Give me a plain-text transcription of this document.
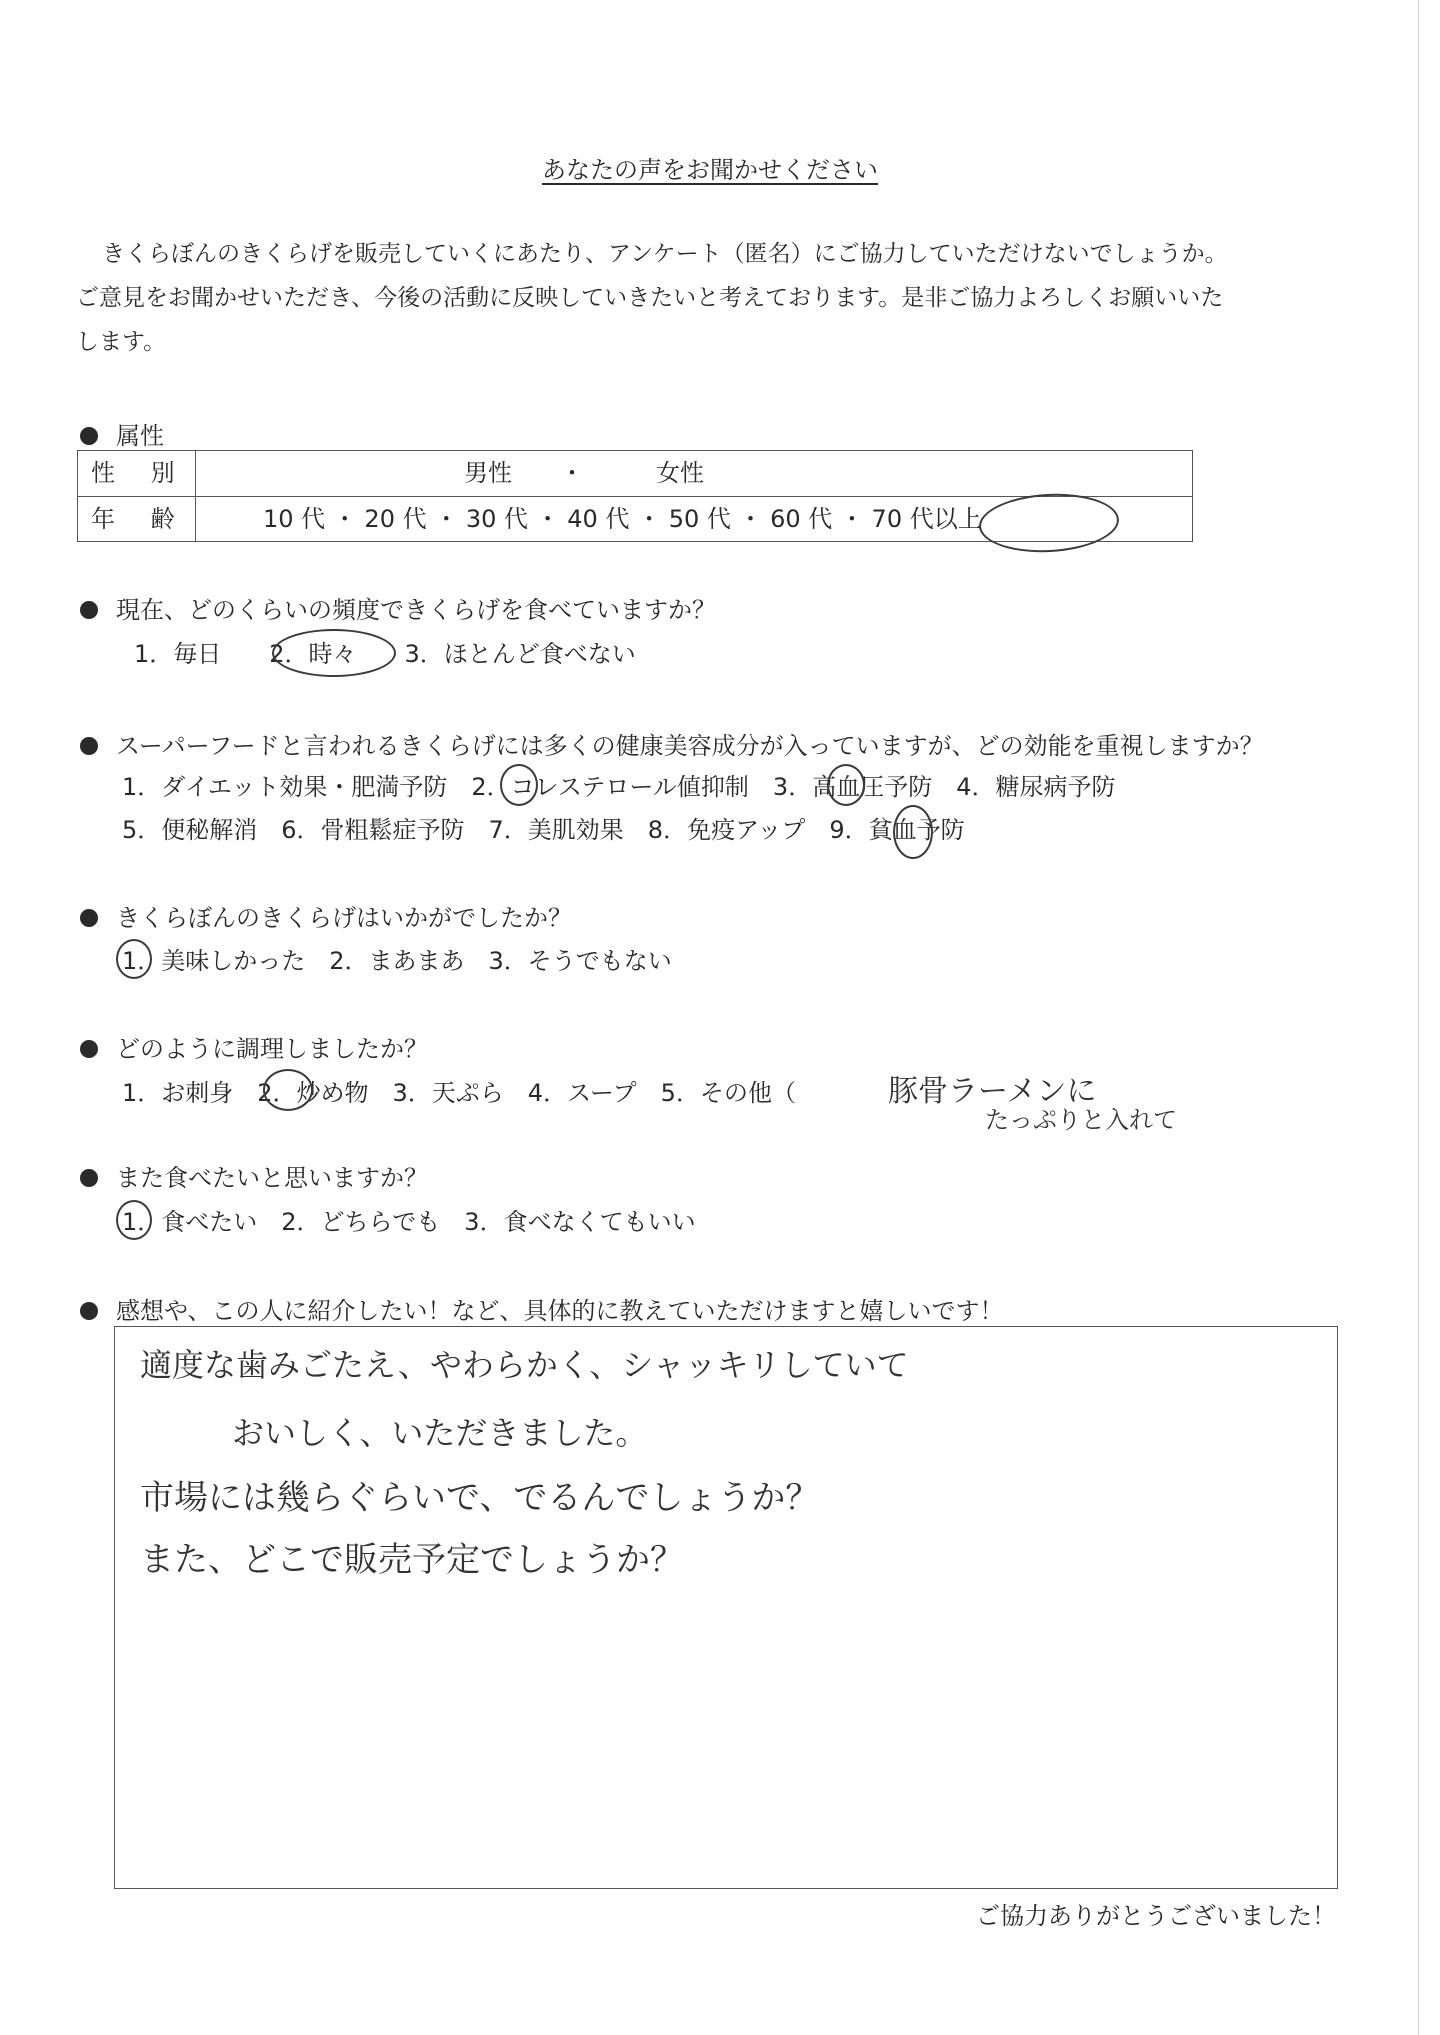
あなたの声をお聞かせください
きくらぼんのきくらげを販売していくにあたり、アンケート（匿名）にご協力していただけないでしょうか。
ご意見をお聞かせいただき、今後の活動に反映していきたいと考えております。是非ご協力よろしくお願いいた
します。
属性
性 別	男性　　・　　　女性
年 齢	10 代 ・ 20 代 ・ 30 代 ・ 40 代 ・ 50 代 ・ 60 代 ・ 70 代以上
現在、どのくらいの頻度できくらげを食べていますか？
1．毎日　　2．時々　　3．ほとんど食べない
スーパーフードと言われるきくらげには多くの健康美容成分が入っていますが、どの効能を重視しますか？
1．ダイエット効果・肥満予防　2．コレステロール値抑制　3．高血圧予防　4．糖尿病予防
5．便秘解消　6．骨粗鬆症予防　7．美肌効果　8．免疫アップ　9．貧血予防
きくらぼんのきくらげはいかがでしたか？
1．美味しかった　2．まあまあ　3．そうでもない
どのように調理しましたか？
1．お刺身　2．炒め物　3．天ぷら　4．スープ　5．その他（	豚骨ラーメンに
たっぷりと入れて
また食べたいと思いますか？
1．食べたい　2．どちらでも　3．食べなくてもいい
感想や、この人に紹介したい！など、具体的に教えていただけますと嬉しいです！
適度な歯みごたえ、やわらかく、シャッキリしていて
おいしく、いただきました。
市場には幾らぐらいで、でるんでしょうか？
また、どこで販売予定でしょうか？
ご協力ありがとうございました！
